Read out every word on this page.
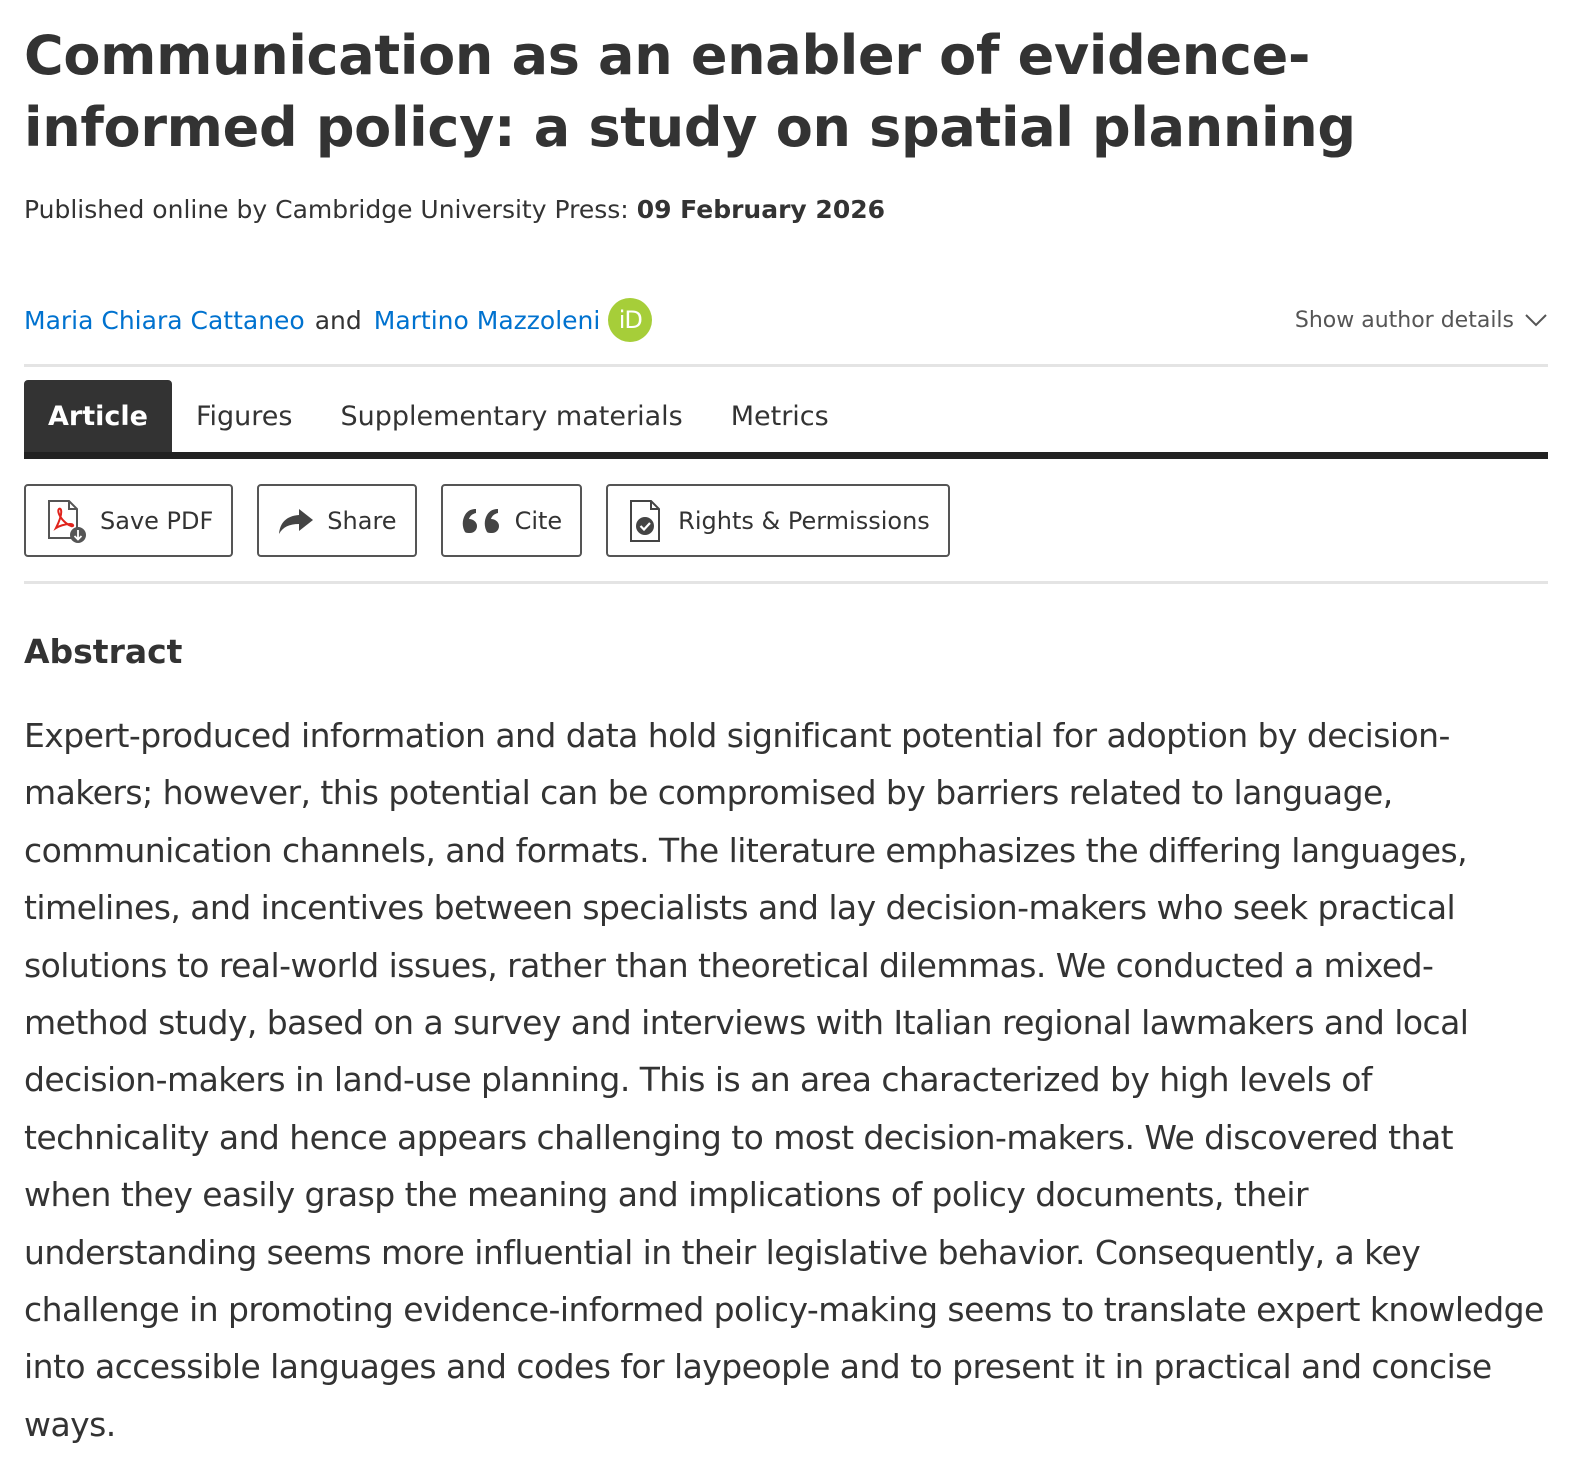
Communication as an enabler of evidence-informed policy: a study on spatial planning
Published online by Cambridge University Press: 09 February 2026
Maria Chiara Cattaneo and Martino Mazzoleni iD	Show author details
Article	Figures	Supplementary materials	Metrics
Save PDF	Share	Cite	Rights & Permissions
Abstract

Expert-produced information and data hold significant potential for adoption by decision-makers; however, this potential can be compromised by barriers related to language, communication channels, and formats. The literature emphasizes the differing languages, timelines, and incentives between specialists and lay decision-makers who seek practical solutions to real-world issues, rather than theoretical dilemmas. We conducted a mixed-method study, based on a survey and interviews with Italian regional lawmakers and local decision-makers in land-use planning. This is an area characterized by high levels of technicality and hence appears challenging to most decision-makers. We discovered that when they easily grasp the meaning and implications of policy documents, their understanding seems more influential in their legislative behavior. Consequently, a key challenge in promoting evidence-informed policy-making seems to translate expert knowledge into accessible languages and codes for laypeople and to present it in practical and concise ways.
